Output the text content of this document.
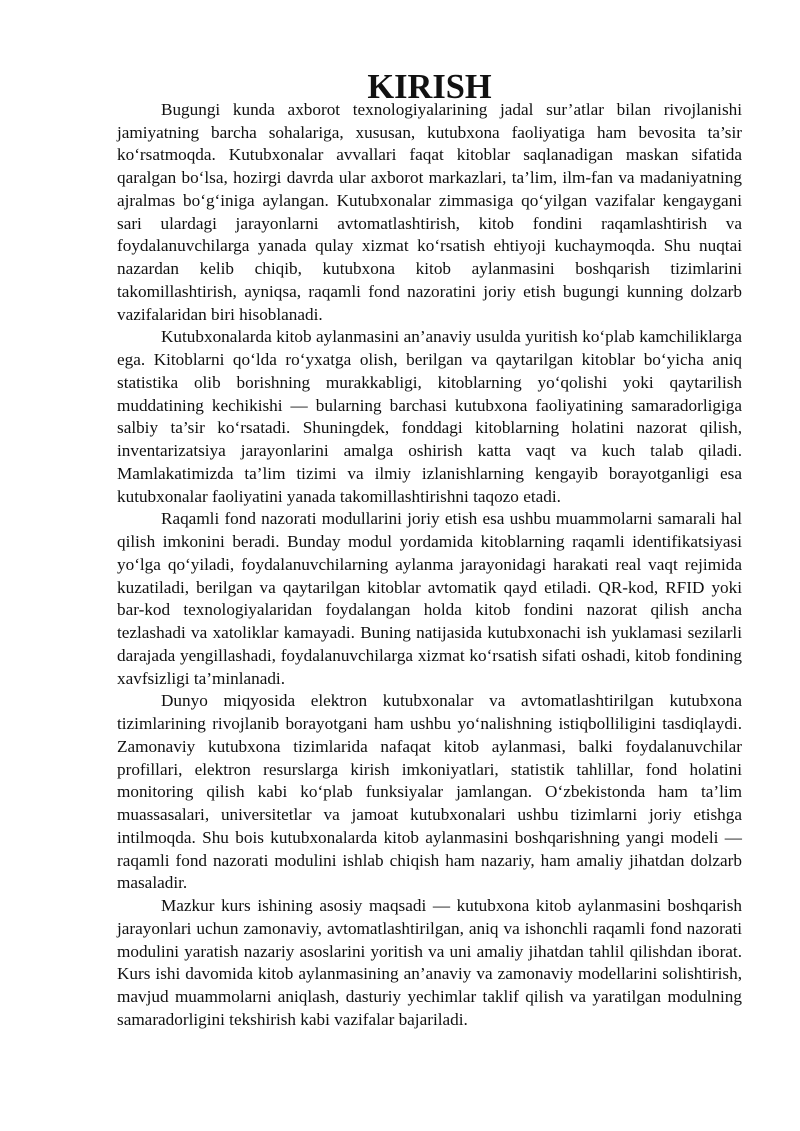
KIRISH

Bugungi kunda axborot texnologiyalarining jadal sur’atlar bilan rivojlanishi jamiyatning barcha sohalariga, xususan, kutubxona faoliyatiga ham bevosita ta’sir ko‘rsatmoqda. Kutubxonalar avvallari faqat kitoblar saqlanadigan maskan sifatida qaralgan bo‘lsa, hozirgi davrda ular axborot markazlari, ta’lim, ilm-fan va madaniyatning ajralmas bo‘g‘iniga aylangan. Kutubxonalar zimmasiga qo‘yilgan vazifalar kengaygani sari ulardagi jarayonlarni avtomatlashtirish, kitob fondini raqamlashtirish va foydalanuvchilarga yanada qulay xizmat ko‘rsatish ehtiyoji kuchaymoqda. Shu nuqtai nazardan kelib chiqib, kutubxona kitob aylanmasini boshqarish tizimlarini takomillashtirish, ayniqsa, raqamli fond nazoratini joriy etish bugungi kunning dolzarb vazifalaridan biri hisoblanadi.

Kutubxonalarda kitob aylanmasini an’anaviy usulda yuritish ko‘plab kamchiliklarga ega. Kitoblarni qo‘lda ro‘yxatga olish, berilgan va qaytarilgan kitoblar bo‘yicha aniq statistika olib borishning murakkabligi, kitoblarning yo‘qolishi yoki qaytarilish muddatining kechikishi — bularning barchasi kutubxona faoliyatining samaradorligiga salbiy ta’sir ko‘rsatadi. Shuningdek, fonddagi kitoblarning holatini nazorat qilish, inventarizatsiya jarayonlarini amalga oshirish katta vaqt va kuch talab qiladi. Mamlakatimizda ta’lim tizimi va ilmiy izlanishlarning kengayib borayotganligi esa kutubxonalar faoliyatini yanada takomillashtirishni taqozo etadi.

Raqamli fond nazorati modullarini joriy etish esa ushbu muammolarni samarali hal qilish imkonini beradi. Bunday modul yordamida kitoblarning raqamli identifikatsiyasi yo‘lga qo‘yiladi, foydalanuvchilarning aylanma jarayonidagi harakati real vaqt rejimida kuzatiladi, berilgan va qaytarilgan kitoblar avtomatik qayd etiladi. QR-kod, RFID yoki bar-kod texnologiyalaridan foydalangan holda kitob fondini nazorat qilish ancha tezlashadi va xatoliklar kamayadi. Buning natijasida kutubxonachi ish yuklamasi sezilarli darajada yengillashadi, foydalanuvchilarga xizmat ko‘rsatish sifati oshadi, kitob fondining xavfsizligi ta’minlanadi.

Dunyo miqyosida elektron kutubxonalar va avtomatlashtirilgan kutubxona tizimlarining rivojlanib borayotgani ham ushbu yo‘nalishning istiqbolliligini tasdiqlaydi. Zamonaviy kutubxona tizimlarida nafaqat kitob aylanmasi, balki foydalanuvchilar profillari, elektron resurslarga kirish imkoniyatlari, statistik tahlillar, fond holatini monitoring qilish kabi ko‘plab funksiyalar jamlangan. O‘zbekistonda ham ta’lim muassasalari, universitetlar va jamoat kutubxonalari ushbu tizimlarni joriy etishga intilmoqda. Shu bois kutubxonalarda kitob aylanmasini boshqarishning yangi modeli — raqamli fond nazorati modulini ishlab chiqish ham nazariy, ham amaliy jihatdan dolzarb masaladir.

Mazkur kurs ishining asosiy maqsadi — kutubxona kitob aylanmasini boshqarish jarayonlari uchun zamonaviy, avtomatlashtirilgan, aniq va ishonchli raqamli fond nazorati modulini yaratish nazariy asoslarini yoritish va uni amaliy jihatdan tahlil qilishdan iborat. Kurs ishi davomida kitob aylanmasining an’anaviy va zamonaviy modellarini solishtirish, mavjud muammolarni aniqlash, dasturiy yechimlar taklif qilish va yaratilgan modulning samaradorligini tekshirish kabi vazifalar bajariladi.
